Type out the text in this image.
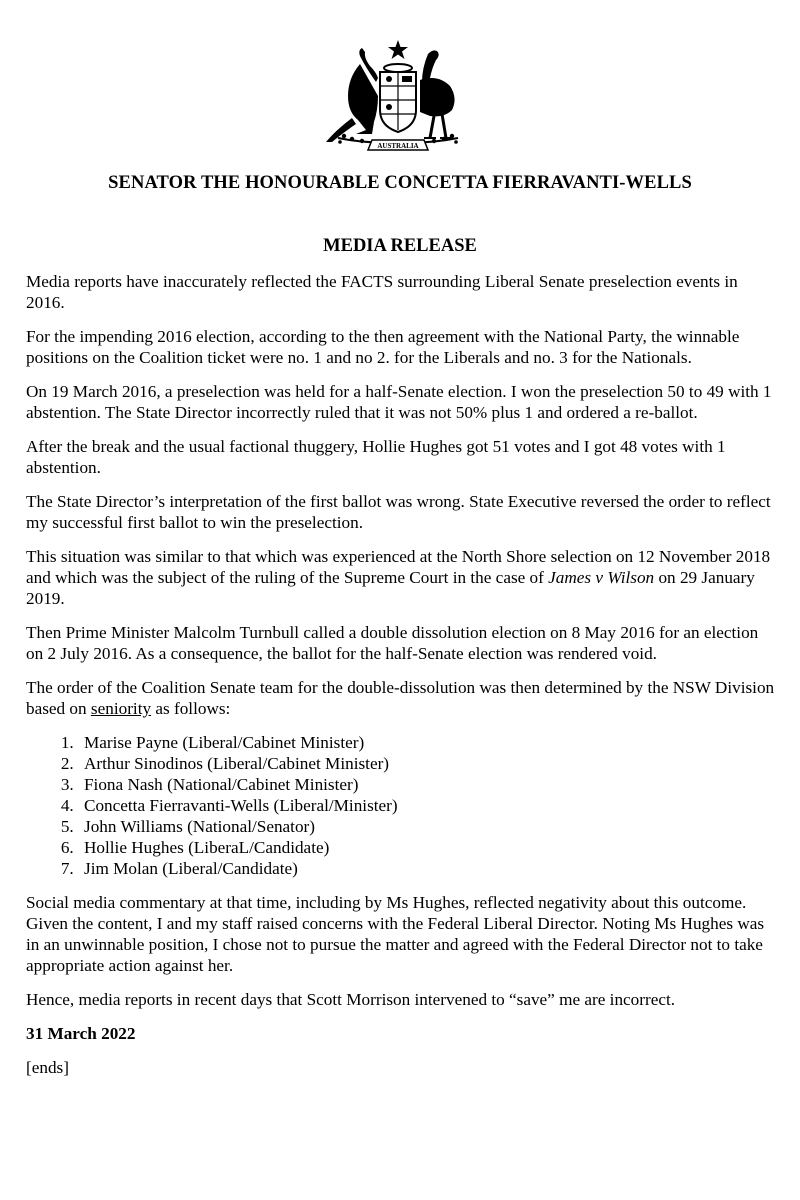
AUSTRALIA
SENATOR THE HONOURABLE CONCETTA FIERRAVANTI-WELLS
MEDIA RELEASE

Media reports have inaccurately reflected the FACTS surrounding Liberal Senate preselection events in 2016.

For the impending 2016 election, according to the then agreement with the National Party, the winnable positions on the Coalition ticket were no. 1 and no 2. for the Liberals and no. 3 for the Nationals.

On 19 March 2016, a preselection was held for a half-Senate election. I won the preselection 50 to 49 with 1 abstention. The State Director incorrectly ruled that it was not 50% plus 1 and ordered a re-ballot.

After the break and the usual factional thuggery, Hollie Hughes got 51 votes and I got 48 votes with 1 abstention.

The State Director’s interpretation of the first ballot was wrong. State Executive reversed the order to reflect my successful first ballot to win the preselection.

This situation was similar to that which was experienced at the North Shore selection on 12 November 2018 and which was the subject of the ruling of the Supreme Court in the case of James v Wilson on 29 January 2019.

Then Prime Minister Malcolm Turnbull called a double dissolution election on 8 May 2016 for an election on 2 July 2016. As a consequence, the ballot for the half-Senate election was rendered void.

The order of the Coalition Senate team for the double-dissolution was then determined by the NSW Division based on seniority as follows:

1. Marise Payne (Liberal/Cabinet Minister)
2. Arthur Sinodinos (Liberal/Cabinet Minister)
3. Fiona Nash (National/Cabinet Minister)
4. Concetta Fierravanti-Wells (Liberal/Minister)
5. John Williams (National/Senator)
6. Hollie Hughes (LiberaL/Candidate)
7. Jim Molan (Liberal/Candidate)

Social media commentary at that time, including by Ms Hughes, reflected negativity about this outcome. Given the content, I and my staff raised concerns with the Federal Liberal Director. Noting Ms Hughes was in an unwinnable position, I chose not to pursue the matter and agreed with the Federal Director not to take appropriate action against her.

Hence, media reports in recent days that Scott Morrison intervened to “save” me are incorrect.

31 March 2022

[ends]
